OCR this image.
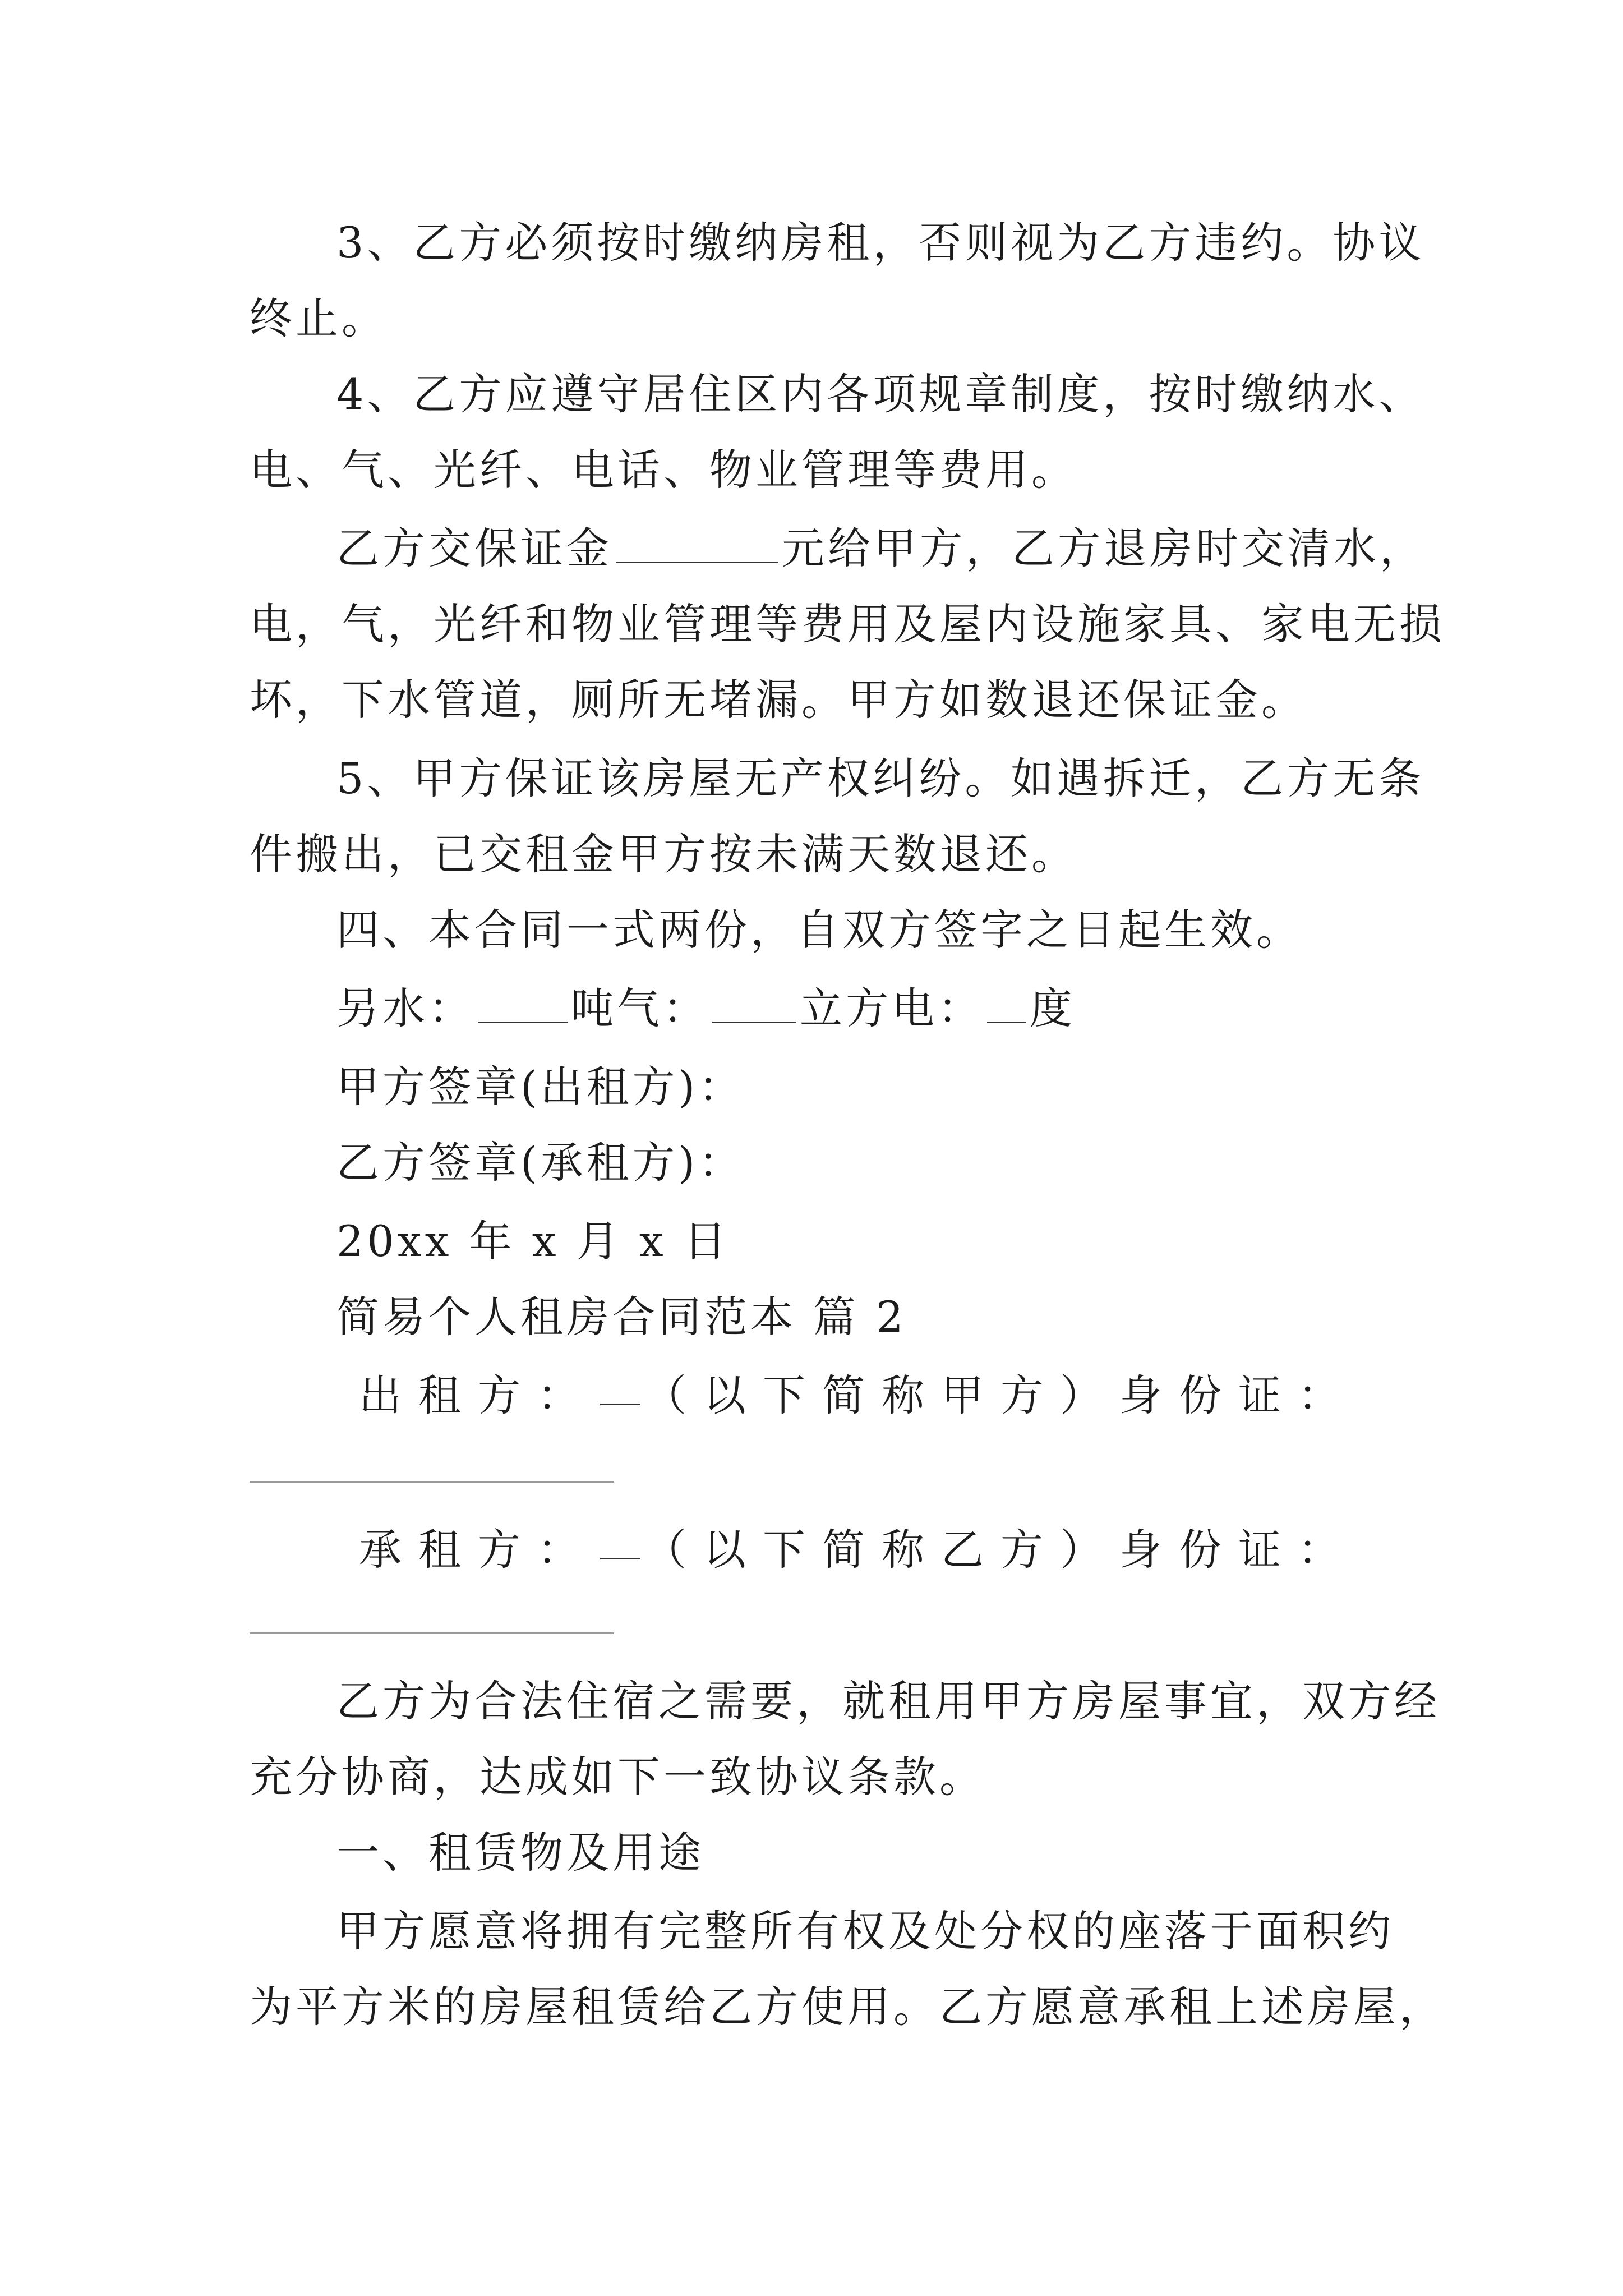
3、乙方必须按时缴纳房租，否则视为乙方违约。协议
终止。
4、乙方应遵守居住区内各项规章制度，按时缴纳水、
电、气、光纤、电话、物业管理等费用。
乙方交保证金	元给甲方，乙方退房时交清水，
电，气，光纤和物业管理等费用及屋内设施家具、家电无损
坏，下水管道，厕所无堵漏。甲方如数退还保证金。
5、甲方保证该房屋无产权纠纷。如遇拆迁，乙方无条
件搬出，已交租金甲方按未满天数退还。
四、本合同一式两份，自双方签字之日起生效。
另水： 吨气： 立方电： 度
甲方签章(出租方)：
乙方签章(承租方)：
20xx 年 x 月 x 日
简易个人租房合同范本 篇 2
出租方： （以下简称甲方）身份证：
承租方： （以下简称乙方）身份证：
乙方为合法住宿之需要，就租用甲方房屋事宜，双方经
充分协商，达成如下一致协议条款。
一、租赁物及用途
甲方愿意将拥有完整所有权及处分权的座落于面积约
为平方米的房屋租赁给乙方使用。乙方愿意承租上述房屋，
